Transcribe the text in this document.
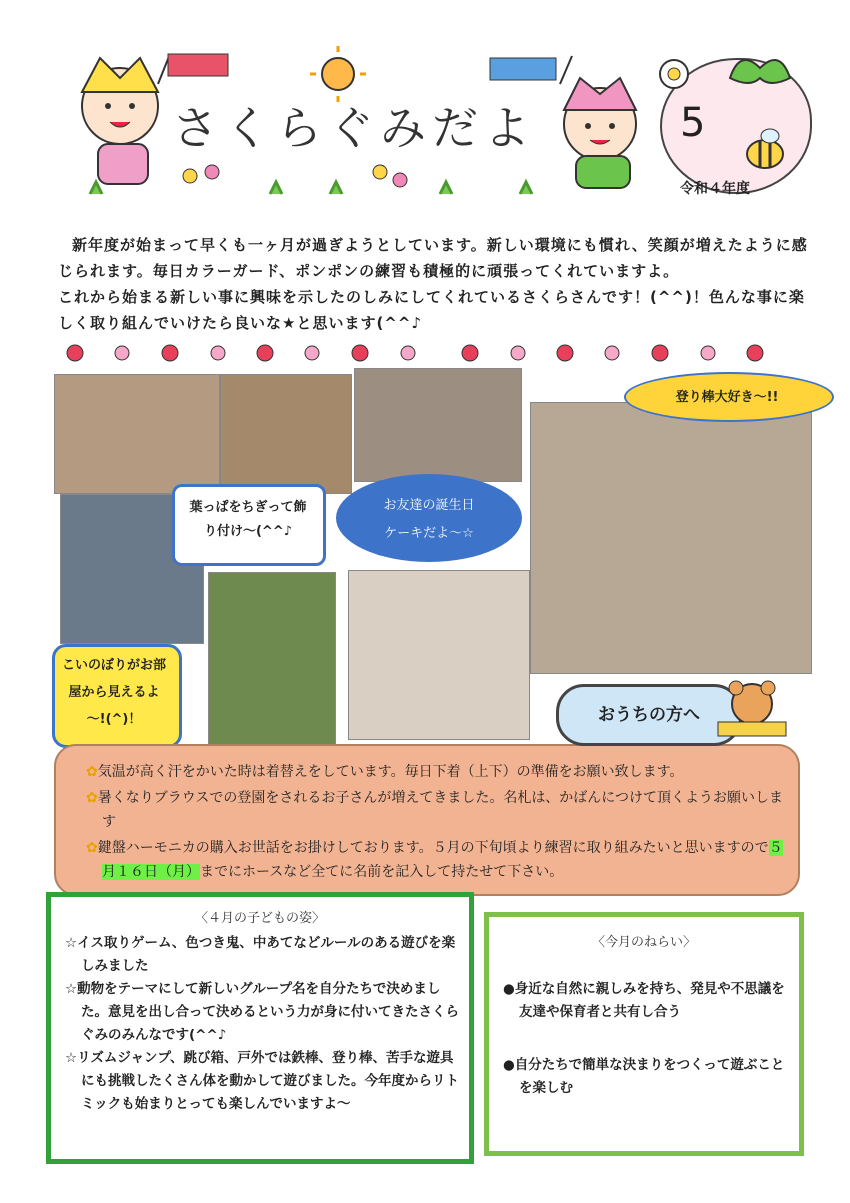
さくらぐみだよ	5
令和４年度

新年度が始まって早くも一ヶ月が過ぎようとしています。新しい環境にも慣れ、笑顔が増えたように感じられます。毎日カラーガード、ポンポンの練習も積極的に頑張ってくれていますよ。

これから始まる新しい事に興味を示したのしみにしてくれているさくらさんです！(^^)！色んな事に楽しく取り組んでいけたら良いな★と思います(^^♪

葉っぱをちぎって飾り付け～(^^♪
お友達の誕生日
ケーキだよ～☆
登り棒大好き～!!
こいのぼりがお部屋から見えるよ～!(^)！	おうちの方へ

✿気温が高く汗をかいた時は着替えをしています。毎日下着（上下）の準備をお願い致します。

✿暑くなりブラウスでの登園をされるお子さんが増えてきました。名札は、かばんにつけて頂くようお願いします

✿鍵盤ハーモニカの購入お世話をお掛けしております。５月の下旬頃より練習に取り組みたいと思いますので５月１６日（月）までにホースなど全てに名前を記入して持たせて下さい。

〈４月の子どもの姿〉

☆イス取りゲーム、色つき鬼、中あてなどルールのある遊びを楽しみました

☆動物をテーマにして新しいグループ名を自分たちで決めました。意見を出し合って決めるという力が身に付いてきたさくらぐみのみんなです(^^♪

☆リズムジャンプ、跳び箱、戸外では鉄棒、登り棒、苦手な遊具にも挑戦したくさん体を動かして遊びました。今年度からリトミックも始まりとっても楽しんでいますよ～

〈今月のねらい〉

●身近な自然に親しみを持ち、発見や不思議を友達や保育者と共有し合う

●自分たちで簡単な決まりをつくって遊ぶことを楽しむ
